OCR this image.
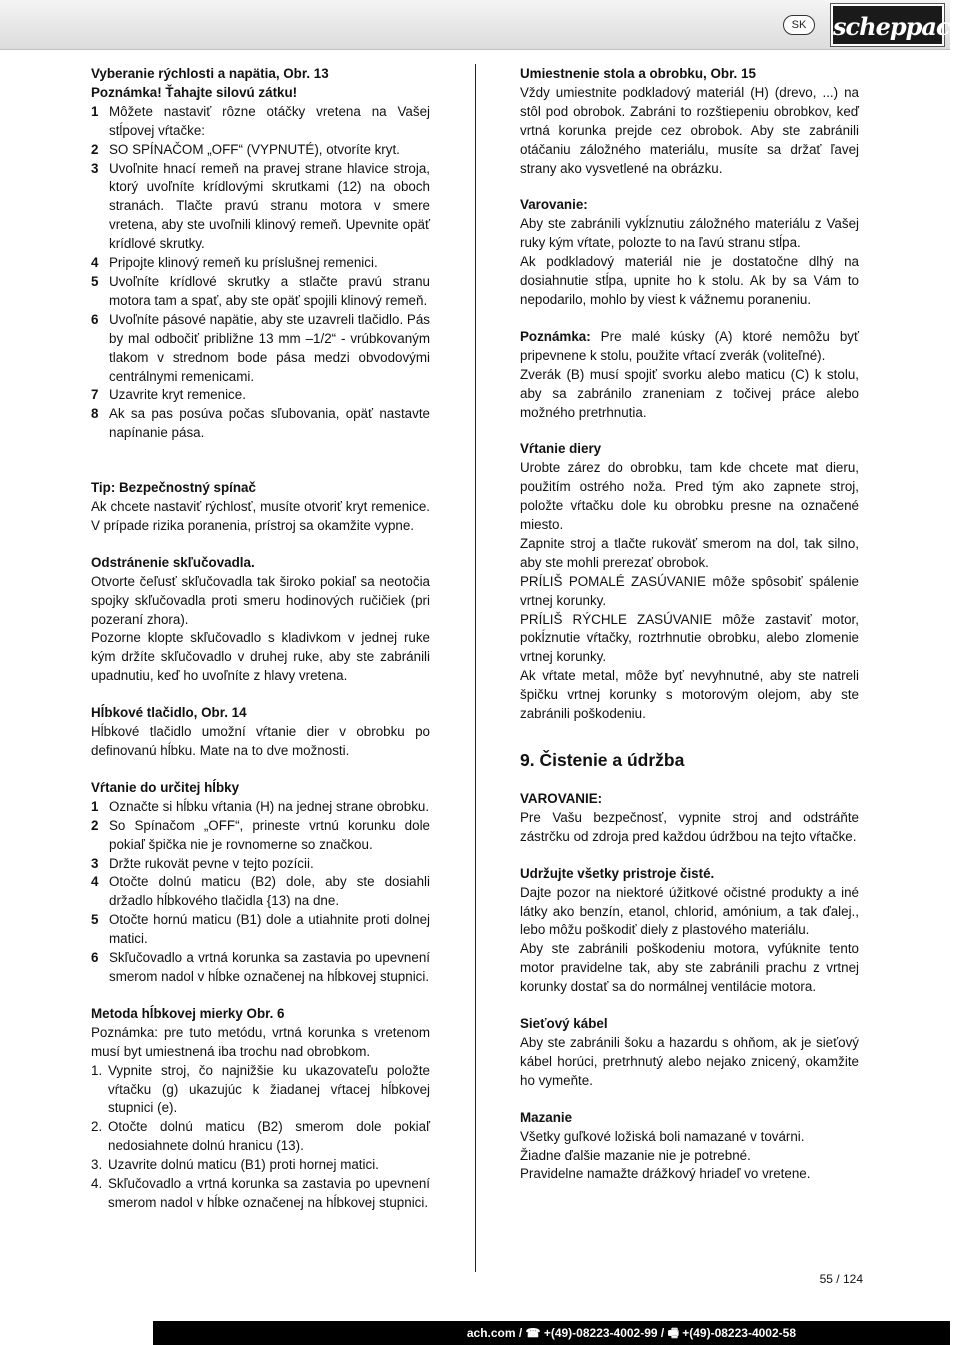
SK	scheppach

Vyberanie rýchlosti a napätia, Obr. 13

Poznámka! Ťahajte silovú zátku!

1 Môžete nastaviť rôzne otáčky vretena na Vašej stĺpovej vŕtačke:
2 SO SPÍNAČOM „OFF“ (VYPNUTÉ), otvoríte kryt.
3 Uvoľnite hnací remeň na pravej strane hlavice stroja, ktorý uvoľníte krídlovými skrutkami (12) na oboch stranách. Tlačte pravú stranu motora v smere vretena, aby ste uvoľnili klinový remeň. Upevnite opäť krídlové skrutky.
4 Pripojte klinový remeň ku príslušnej remenici.
5 Uvoľníte krídlové skrutky a stlačte pravú stranu motora tam a spať, aby ste opäť spojili klinový remeň.
6 Uvoľníte pásové napätie, aby ste uzavreli tlačidlo. Pás by mal odbočiť približne 13 mm –1/2“ - vrúbkovaným tlakom v strednom bode pása medzi obvodovými centrálnymi remenicami.
7 Uzavrite kryt remenice.
8 Ak sa pas posúva počas sľubovania, opäť nastavte napínanie pása.

Tip: Bezpečnostný spínač

Ak chcete nastaviť rýchlosť, musíte otvoriť kryt remenice. V prípade rizika poranenia, prístroj sa okamžite vypne.

Odstránenie skľučovadla.

Otvorte čeľusť skľučovadla tak široko pokiaľ sa neotočia spojky skľučovadla proti smeru hodinových ručičiek (pri pozeraní zhora).

Pozorne klopte skľučovadlo s kladivkom v jednej ruke kým držíte skľučovadlo v druhej ruke, aby ste zabránili upadnutiu, keď ho uvoľníte z hlavy vretena.

Hĺbkové tlačidlo, Obr. 14

Hĺbkové tlačidlo umožní vŕtanie dier v obrobku po definovanú hĺbku. Mate na to dve možnosti.

Vŕtanie do určitej hĺbky

1 Označte si hĺbku vŕtania (H) na jednej strane obrobku.
2 So Spínačom „OFF“, prineste vrtnú korunku dole pokiaľ špička nie je rovnomerne so značkou.
3 Držte rukovät pevne v tejto pozícii.
4 Otočte dolnú maticu (B2) dole, aby ste dosiahli držadlo hĺbkového tlačidla {13) na dne.
5 Otočte hornú maticu (B1) dole a utiahnite proti dolnej matici.
6 Skľučovadlo a vrtná korunka sa zastavia po upevnení smerom nadol v hĺbke označenej na hĺbkovej stupnici.

Metoda hĺbkovej mierky Obr. 6

Poznámka: pre tuto metódu, vrtná korunka s vretenom musí byt umiestnená iba trochu nad obrobkom.

1. Vypnite stroj, čo najnižšie ku ukazovateľu položte vŕtačku (g) ukazujúc k žiadanej vŕtacej hĺbkovej stupnici (e).
2. Otočte dolnú maticu (B2) smerom dole pokiaľ nedosiahnete dolnú hranicu (13).
3. Uzavrite dolnú maticu (B1) proti hornej matici.
4. Skľučovadlo a vrtná korunka sa zastavia po upevnení smerom nadol v hĺbke označenej na hĺbkovej stupnici.

Umiestnenie stola a obrobku, Obr. 15

Vždy umiestnite podkladový materiál (H) (drevo, ...) na stôl pod obrobok. Zabráni to rozštiepeniu obrobkov, keď vrtná korunka prejde cez obrobok. Aby ste zabránili otáčaniu záložného materiálu, musíte sa držať ľavej strany ako vysvetlené na obrázku.

Varovanie:

Aby ste zabránili vykĺznutiu záložného materiálu z Vašej ruky kým vŕtate, polozte to na ľavú stranu stĺpa.

Ak podkladový materiál nie je dostatočne dlhý na dosiahnutie stĺpa, upnite ho k stolu. Ak by sa Vám to nepodarilo, mohlo by viest k vážnemu poraneniu.

Poznámka: Pre malé kúsky (A) ktoré nemôžu byť pripevnene k stolu, použite vŕtací zverák (voliteľné).

Zverák (B) musí spojiť svorku alebo maticu (C) k stolu, aby sa zabránilo zraneniam z točivej práce alebo možného pretrhnutia.

Vŕtanie diery

Urobte zárez do obrobku, tam kde chcete mat dieru, použitím ostrého noža. Pred tým ako zapnete stroj, položte vŕtačku dole ku obrobku presne na označené miesto.

Zapnite stroj a tlačte rukoväť smerom na dol, tak silno, aby ste mohli prerezať obrobok.

PRÍLIŠ POMALÉ ZASÚVANIE môže spôsobiť spálenie vrtnej korunky.

PRÍLIŠ RÝCHLE ZASÚVANIE môže zastaviť motor, pokĺznutie vŕtačky, roztrhnutie obrobku, alebo zlomenie vrtnej korunky.

Ak vŕtate metal, môže byť nevyhnutné, aby ste natreli špičku vrtnej korunky s motorovým olejom, aby ste zabránili poškodeniu.

9. Čistenie a údržba

VAROVANIE:

Pre Vašu bezpečnosť, vypnite stroj and odstráňte zástrčku od zdroja pred každou údržbou na tejto vŕtačke.

Udržujte všetky pristroje čisté.

Dajte pozor na niektoré úžitkové očistné produkty a iné látky ako benzín, etanol, chlorid, amónium, a tak ďalej., lebo môžu poškodiť diely z plastového materiálu.

Aby ste zabránili poškodeniu motora, vyfúknite tento motor pravidelne tak, aby ste zabránili prachu z vrtnej korunky dostať sa do normálnej ventilácie motora.

Sieťový kábel

Aby ste zabránili šoku a hazardu s ohňom, ak je sieťový kábel horúci, pretrhnutý alebo nejako znicený, okamžite ho vymeňte.

Mazanie

Všetky guľkové ložiská boli namazané v továrni.

Žiadne ďalšie mazanie nie je potrebné.

Pravidelne namažte drážkový hriadeľ vo vretene.

55 / 124
ach.com / ☎ +(49)-08223-4002-99 / 🖷 +(49)-08223-4002-58
